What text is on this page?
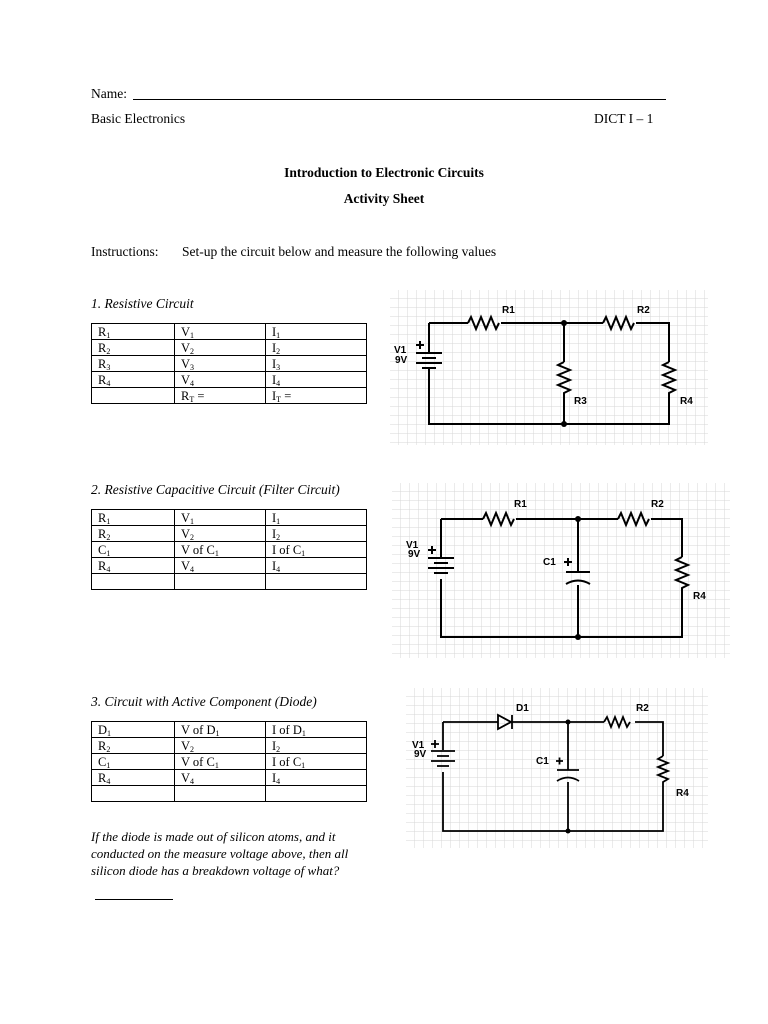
Name:
Basic Electronics	DICT I – 1
Introduction to Electronic Circuits
Activity Sheet
Instructions: Set-up the circuit below and measure the following values
1. Resistive Circuit
$R_1$	$V_1$	$I_1$
$R_2$	$V_2$	$I_2$
$R_3$	$V_3$	$I_3$
$R_4$	$V_4$	$I_4$
	$R_T$ =	$I_T$ =
V1
9V
R1	R2
R3	R4
2. Resistive Capacitive Circuit (Filter Circuit)
$R_1$	$V_1$	$I_1$
$R_2$	$V_2$	$I_2$
$C_1$	V of $C_1$	I of $C_1$
$R_4$	$V_4$	$I_4$

V1
9V
R1	R2
C1
R4
3. Circuit with Active Component (Diode)
$D_1$	V of $D_1$	I of $D_1$
$R_2$	$V_2$	$I_2$
$C_1$	V of $C_1$	I of $C_1$
$R_4$	$V_4$	$I_4$

V1
9V
D1	R2
C1
R4
If the diode is made out of silicon atoms, and it conducted on the measure voltage above, then all silicon diode has a breakdown voltage of what?
